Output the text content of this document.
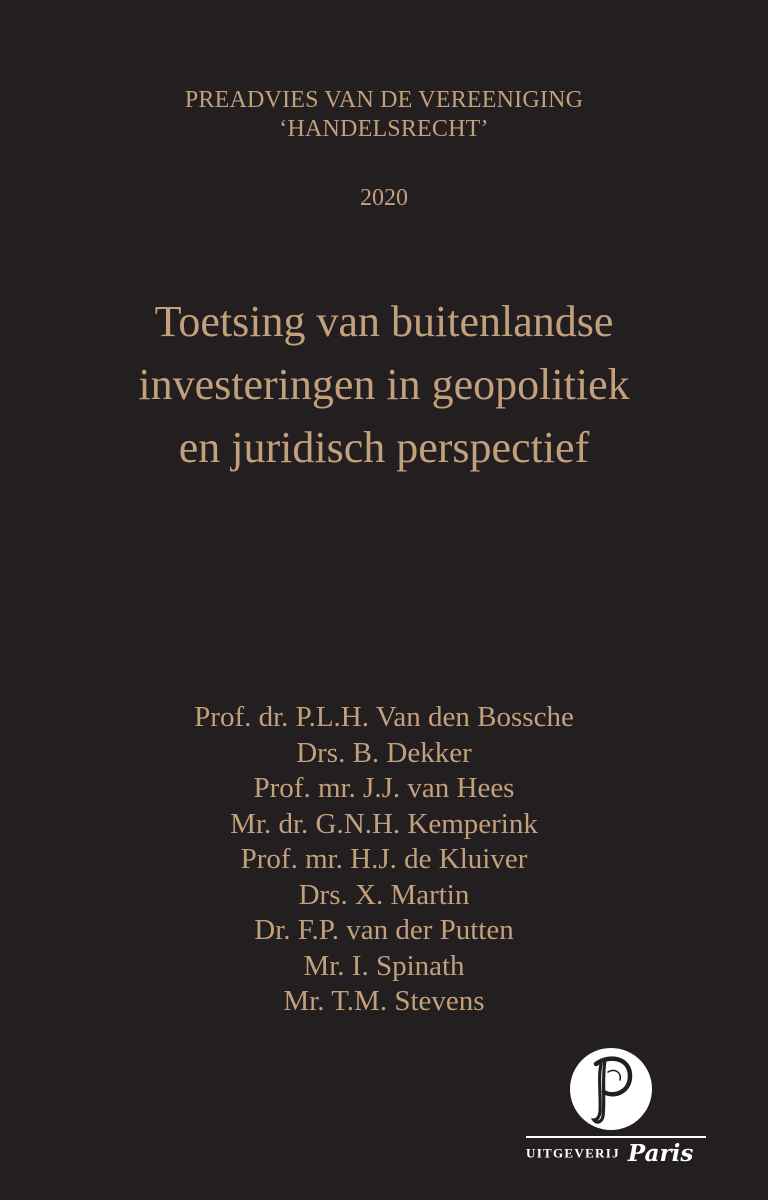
PREADVIES VAN DE VEREENIGING
‘HANDELSRECHT’
2020
Toetsing van buitenlandse
investeringen in geopolitiek
en juridisch perspectief
Prof. dr. P.L.H. Van den Bossche
Drs. B. Dekker
Prof. mr. J.J. van Hees
Mr. dr. G.N.H. Kemperink
Prof. mr. H.J. de Kluiver
Drs. X. Martin
Dr. F.P. van der Putten
Mr. I. Spinath
Mr. T.M. Stevens
UITGEVERIJ Paris
